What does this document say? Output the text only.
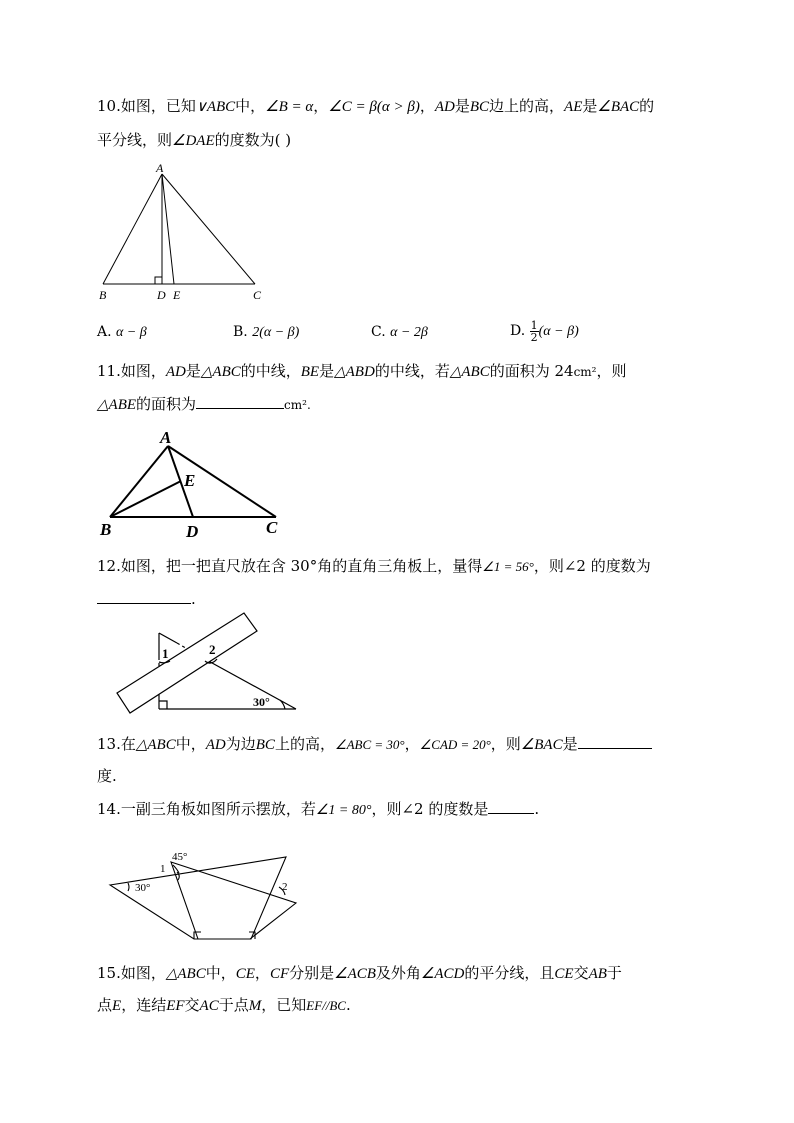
10.如图，已知∨ABC中，∠B = α，∠C = β(α > β)，AD是BC边上的高，AE是∠BAC的
平分线，则∠DAE的度数为( )
A
B	D E	C
A. α − β	B. 2(α − β)	C. α − 2β	D. $\frac{1}{2} (\alpha - \beta)$
11.如图，AD是△ABC的中线，BE是△ABD的中线，若△ABC的面积为 24cm²，则
△ABE的面积为	cm².
A
E
B	D	C
12.如图，把一把直尺放在含 30°角的直角三角板上，量得∠1 = 56°，则∠2 的度数为
.
1	2
30°
13.在△ABC中，AD为边BC上的高，∠ABC = 30°，∠CAD = 20°，则∠BAC是
度.
14.一副三角板如图所示摆放，若∠1 = 80°，则∠2 的度数是	.
1
45°
30°	2
15.如图，△ABC中，CE，CF分别是∠ACB及外角∠ACD的平分线，且CE交AB于
点E，连结EF交AC于点M，已知EF//BC.
